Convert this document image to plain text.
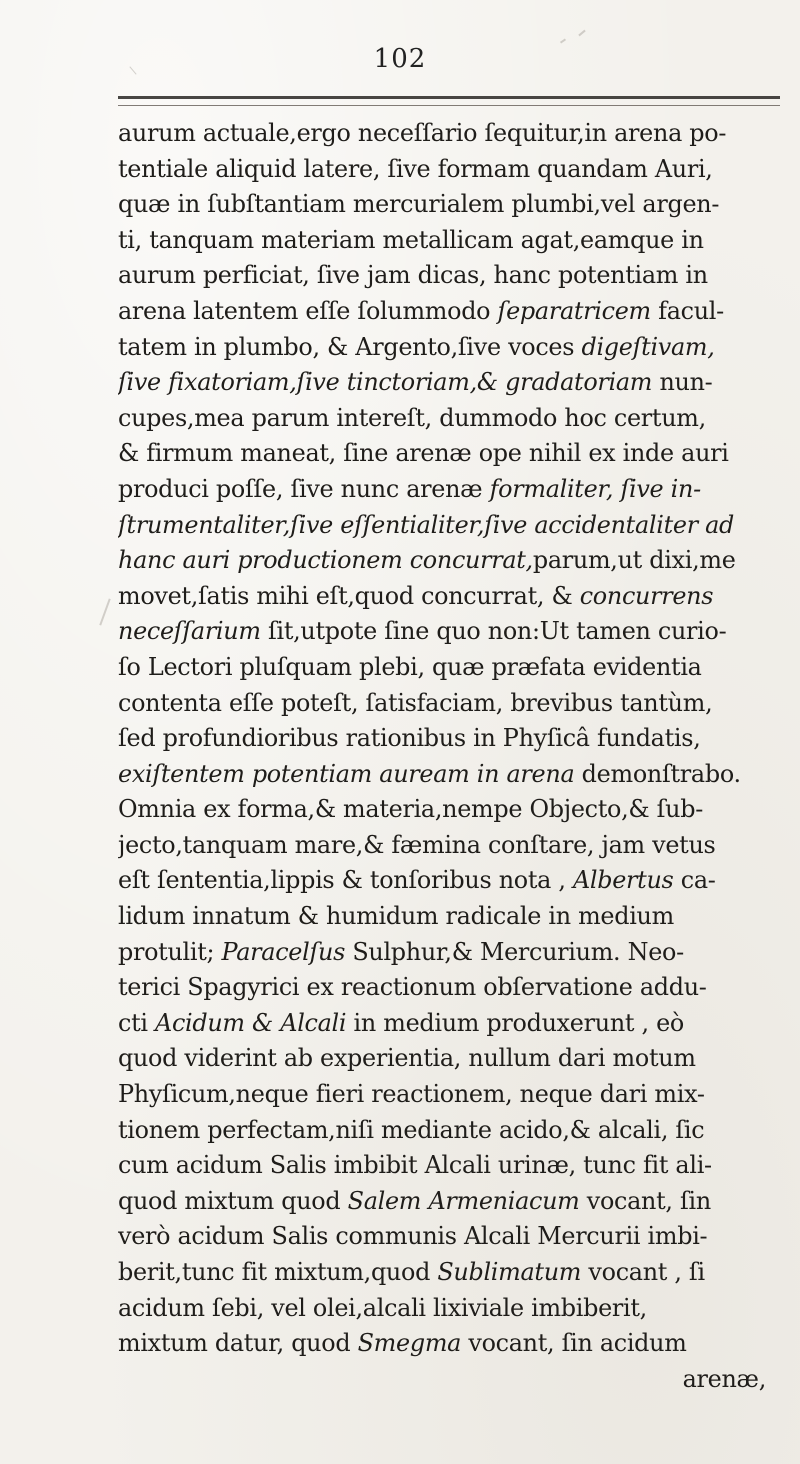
102
aurum actuale,ergo neceſſario ſequitur,in arena po-
tentiale aliquid latere, ſive formam quandam Auri,
quæ in ſubſtantiam mercurialem plumbi,vel argen-
ti, tanquam materiam metallicam agat,eamque in
aurum perficiat, ſive jam dicas, hanc potentiam in
arena latentem eſſe ſolummodo ſeparatricem facul-
tatem in plumbo, & Argento,ſive voces digeſtivam,
ſive fixatoriam,ſive tinctoriam,& gradatoriam nun-
cupes,mea parum intereſt, dummodo hoc certum,
& firmum maneat, ſine arenæ ope nihil ex inde auri
produci poſſe, ſive nunc arenæ formaliter, ſive in-
ſtrumentaliter,ſive eſſentialiter,ſive accidentaliter ad
hanc auri productionem concurrat,parum,ut dixi,me
movet,ſatis mihi eſt,quod concurrat, & concurrens
neceſſarium ſit,utpote ſine quo non:Ut tamen curio-
ſo Lectori pluſquam plebi, quæ præfata evidentia
contenta eſſe poteſt, ſatisfaciam, brevibus tantùm,
ſed profundioribus rationibus in Phyſicâ fundatis,
exiſtentem potentiam auream in arena demonſtrabo.
Omnia ex forma,& materia,nempe Objecto,& ſub-
jecto,tanquam mare,& fæmina conſtare, jam vetus
eſt ſententia,lippis & tonſoribus nota , Albertus ca-
lidum innatum & humidum radicale in medium
protulit; Paracelſus Sulphur,& Mercurium. Neo-
terici Spagyrici ex reactionum obſervatione addu-
cti Acidum & Alcali in medium produxerunt , eò
quod viderint ab experientia, nullum dari motum
Phyſicum,neque fieri reactionem, neque dari mix-
tionem perfectam,niſi mediante acido,& alcali, ſic
cum acidum Salis imbibit Alcali urinæ, tunc fit ali-
quod mixtum quod Salem Armeniacum vocant, ſin
verò acidum Salis communis Alcali Mercurii imbi-
berit,tunc fit mixtum,quod Sublimatum vocant , ſi
acidum ſebi, vel olei,alcali lixiviale imbiberit,
mixtum datur, quod Smegma vocant, ſin acidum
arenæ,
